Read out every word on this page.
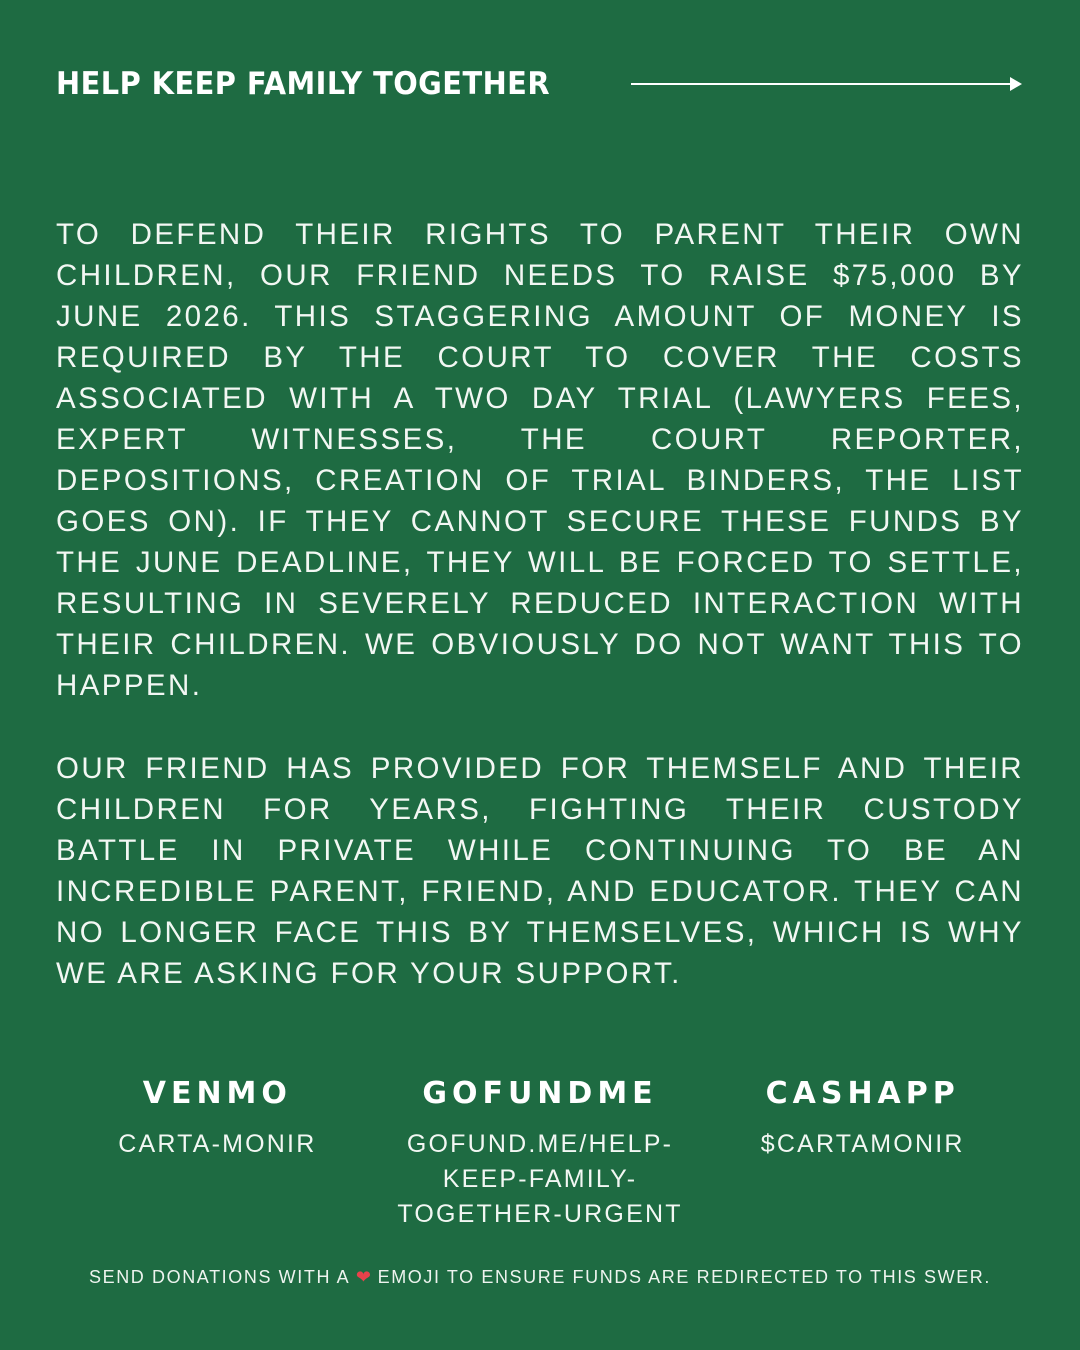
HELP KEEP FAMILY TOGETHER

TO DEFEND THEIR RIGHTS TO PARENT THEIR OWN CHILDREN, OUR FRIEND NEEDS TO RAISE $75,000 BY JUNE 2026. THIS STAGGERING AMOUNT OF MONEY IS REQUIRED BY THE COURT TO COVER THE COSTS ASSOCIATED WITH A TWO DAY TRIAL (LAWYERS FEES, EXPERT WITNESSES, THE COURT REPORTER, DEPOSITIONS, CREATION OF TRIAL BINDERS, THE LIST GOES ON). IF THEY CANNOT SECURE THESE FUNDS BY THE JUNE DEADLINE, THEY WILL BE FORCED TO SETTLE, RESULTING IN SEVERELY REDUCED INTERACTION WITH THEIR CHILDREN. WE OBVIOUSLY DO NOT WANT THIS TO HAPPEN.

OUR FRIEND HAS PROVIDED FOR THEMSELF AND THEIR CHILDREN FOR YEARS, FIGHTING THEIR CUSTODY BATTLE IN PRIVATE WHILE CONTINUING TO BE AN INCREDIBLE PARENT, FRIEND, AND EDUCATOR. THEY CAN NO LONGER FACE THIS BY THEMSELVES, WHICH IS WHY WE ARE ASKING FOR YOUR SUPPORT.

VENMO
CARTA-MONIR
GOFUNDME
GOFUND.ME/HELP-KEEP-FAMILY-TOGETHER-URGENT
CASHAPP
$CARTAMONIR
SEND DONATIONS WITH A ❤ EMOJI TO ENSURE FUNDS ARE REDIRECTED TO THIS SWER.
